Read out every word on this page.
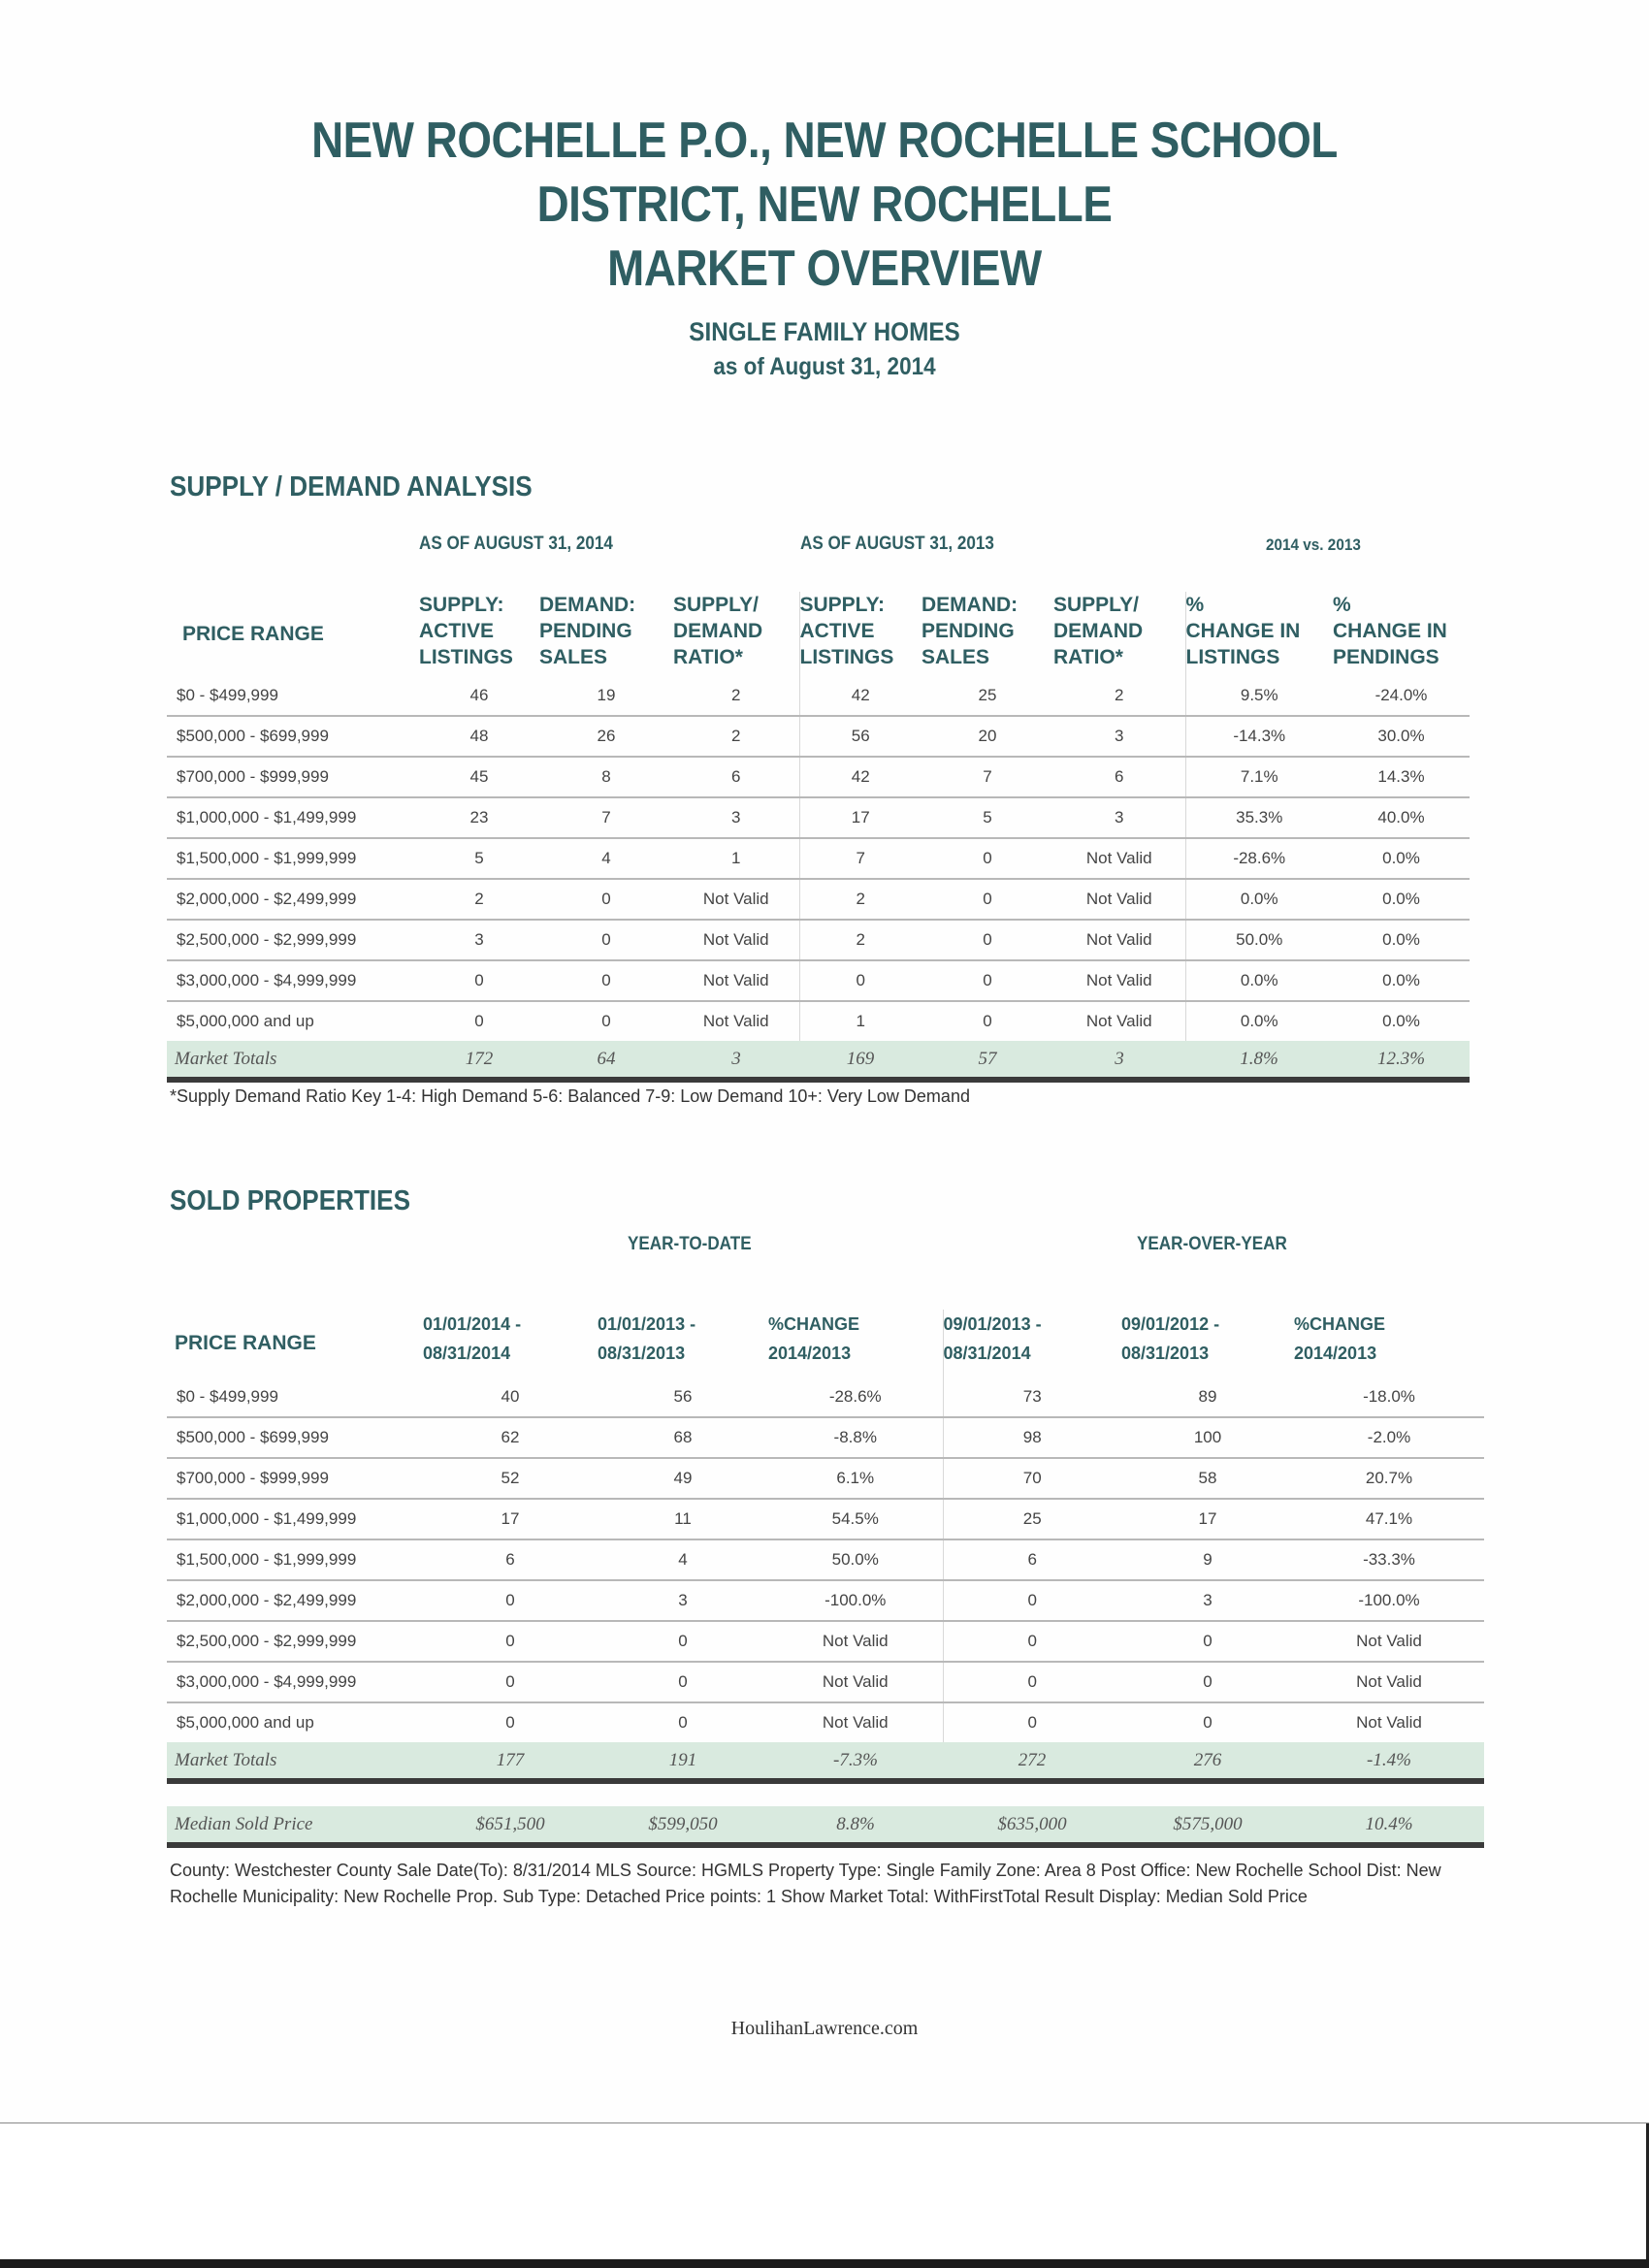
NEW ROCHELLE P.O., NEW ROCHELLE SCHOOL
DISTRICT, NEW ROCHELLE
MARKET OVERVIEW
SINGLE FAMILY HOMES
as of August 31, 2014
SUPPLY / DEMAND ANALYSIS
AS OF AUGUST 31, 2014	AS OF AUGUST 31, 2013	2014 vs. 2013
PRICE RANGE

SUPPLY:
ACTIVE
LISTINGS

DEMAND:
PENDING
SALES

SUPPLY/
DEMAND
RATIO*

SUPPLY:
ACTIVE
LISTINGS

DEMAND:
PENDING
SALES

SUPPLY/
DEMAND
RATIO*

%
CHANGE IN
LISTINGS

%
CHANGE IN
PENDINGS

$0 - $499,999	46	19	2	42	25	2	9.5%	-24.0%
$500,000 - $699,999	48	26	2	56	20	3	-14.3%	30.0%
$700,000 - $999,999	45	8	6	42	7	6	7.1%	14.3%
$1,000,000 - $1,499,999	23	7	3	17	5	3	35.3%	40.0%
$1,500,000 - $1,999,999	5	4	1	7	0	Not Valid	-28.6%	0.0%
$2,000,000 - $2,499,999	2	0	Not Valid	2	0	Not Valid	0.0%	0.0%
$2,500,000 - $2,999,999	3	0	Not Valid	2	0	Not Valid	50.0%	0.0%
$3,000,000 - $4,999,999	0	0	Not Valid	0	0	Not Valid	0.0%	0.0%
$5,000,000 and up	0	0	Not Valid	1	0	Not Valid	0.0%	0.0%
Market Totals	172	64	3	169	57	3	1.8%	12.3%
*Supply Demand Ratio Key 1-4: High Demand 5-6: Balanced 7-9: Low Demand 10+: Very Low Demand
SOLD PROPERTIES
YEAR-TO-DATE	YEAR-OVER-YEAR
PRICE RANGE

01/01/2014 -
08/31/2014

01/01/2013 -
08/31/2013

%CHANGE
2014/2013

09/01/2013 -
08/31/2014

09/01/2012 -
08/31/2013

%CHANGE
2014/2013

$0 - $499,999	40	56	-28.6%	73	89	-18.0%
$500,000 - $699,999	62	68	-8.8%	98	100	-2.0%
$700,000 - $999,999	52	49	6.1%	70	58	20.7%
$1,000,000 - $1,499,999	17	11	54.5%	25	17	47.1%
$1,500,000 - $1,999,999	6	4	50.0%	6	9	-33.3%
$2,000,000 - $2,499,999	0	3	-100.0%	0	3	-100.0%
$2,500,000 - $2,999,999	0	0	Not Valid	0	0	Not Valid
$3,000,000 - $4,999,999	0	0	Not Valid	0	0	Not Valid
$5,000,000 and up	0	0	Not Valid	0	0	Not Valid
Market Totals	177	191	-7.3%	272	276	-1.4%
Median Sold Price	$651,500	$599,050	8.8%	$635,000	$575,000	10.4%
County: Westchester County Sale Date(To): 8/31/2014 MLS Source: HGMLS Property Type: Single Family Zone: Area 8 Post Office: New Rochelle School Dist: New Rochelle Municipality: New Rochelle Prop. Sub Type: Detached Price points: 1 Show Market Total: WithFirstTotal Result Display: Median Sold Price
HoulihanLawrence.com
